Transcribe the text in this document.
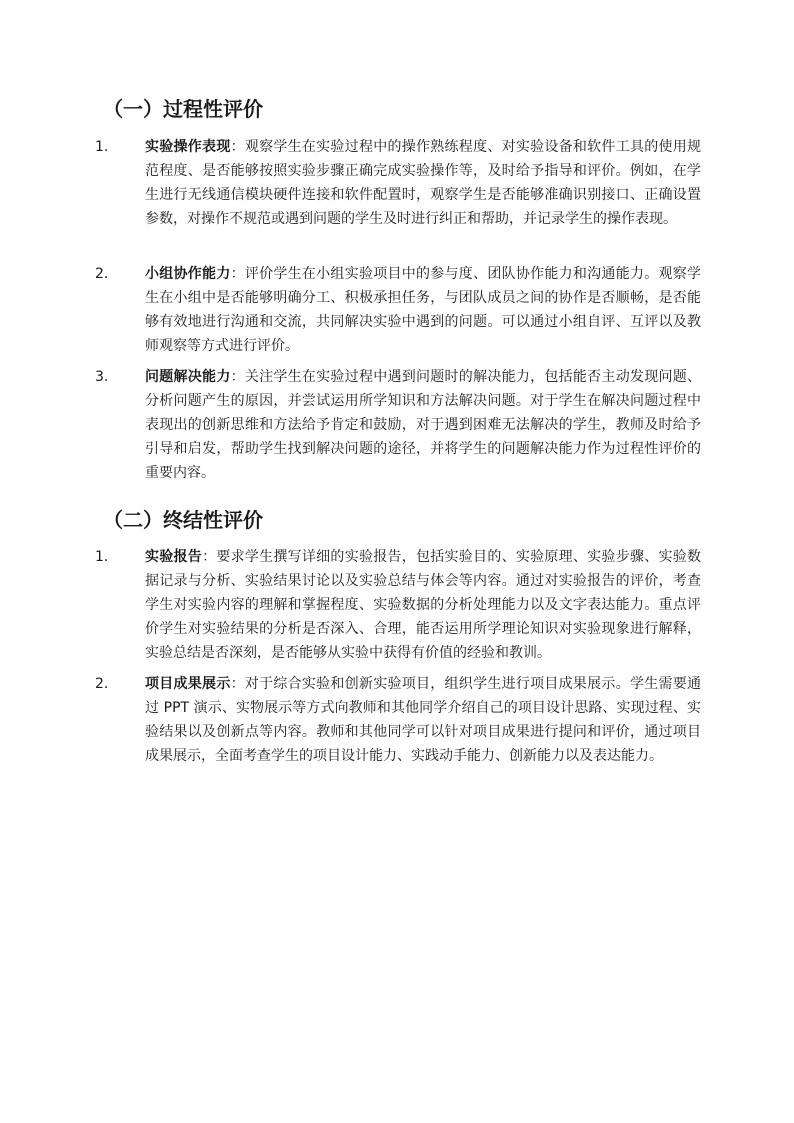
（一）过程性评价
1.	实验操作表现：观察学生在实验过程中的操作熟练程度、对实验设备和软件工具的使用规范程度、是否能够按照实验步骤正确完成实验操作等，及时给予指导和评价。例如，在学生进行无线通信模块硬件连接和软件配置时，观察学生是否能够准确识别接口、正确设置参数，对操作不规范或遇到问题的学生及时进行纠正和帮助，并记录学生的操作表现。

2.	小组协作能力：评价学生在小组实验项目中的参与度、团队协作能力和沟通能力。观察学生在小组中是否能够明确分工、积极承担任务，与团队成员之间的协作是否顺畅，是否能够有效地进行沟通和交流，共同解决实验中遇到的问题。可以通过小组自评、互评以及教师观察等方式进行评价。

3.	问题解决能力：关注学生在实验过程中遇到问题时的解决能力，包括能否主动发现问题、分析问题产生的原因，并尝试运用所学知识和方法解决问题。对于学生在解决问题过程中表现出的创新思维和方法给予肯定和鼓励，对于遇到困难无法解决的学生，教师及时给予引导和启发，帮助学生找到解决问题的途径，并将学生的问题解决能力作为过程性评价的重要内容。

（二）终结性评价
1.	实验报告：要求学生撰写详细的实验报告，包括实验目的、实验原理、实验步骤、实验数据记录与分析、实验结果讨论以及实验总结与体会等内容。通过对实验报告的评价，考查学生对实验内容的理解和掌握程度、实验数据的分析处理能力以及文字表达能力。重点评价学生对实验结果的分析是否深入、合理，能否运用所学理论知识对实验现象进行解释，实验总结是否深刻，是否能够从实验中获得有价值的经验和教训。

2.	项目成果展示：对于综合实验和创新实验项目，组织学生进行项目成果展示。学生需要通过 PPT 演示、实物展示等方式向教师和其他同学介绍自己的项目设计思路、实现过程、实验结果以及创新点等内容。教师和其他同学可以针对项目成果进行提问和评价，通过项目成果展示，全面考查学生的项目设计能力、实践动手能力、创新能力以及表达能力。
